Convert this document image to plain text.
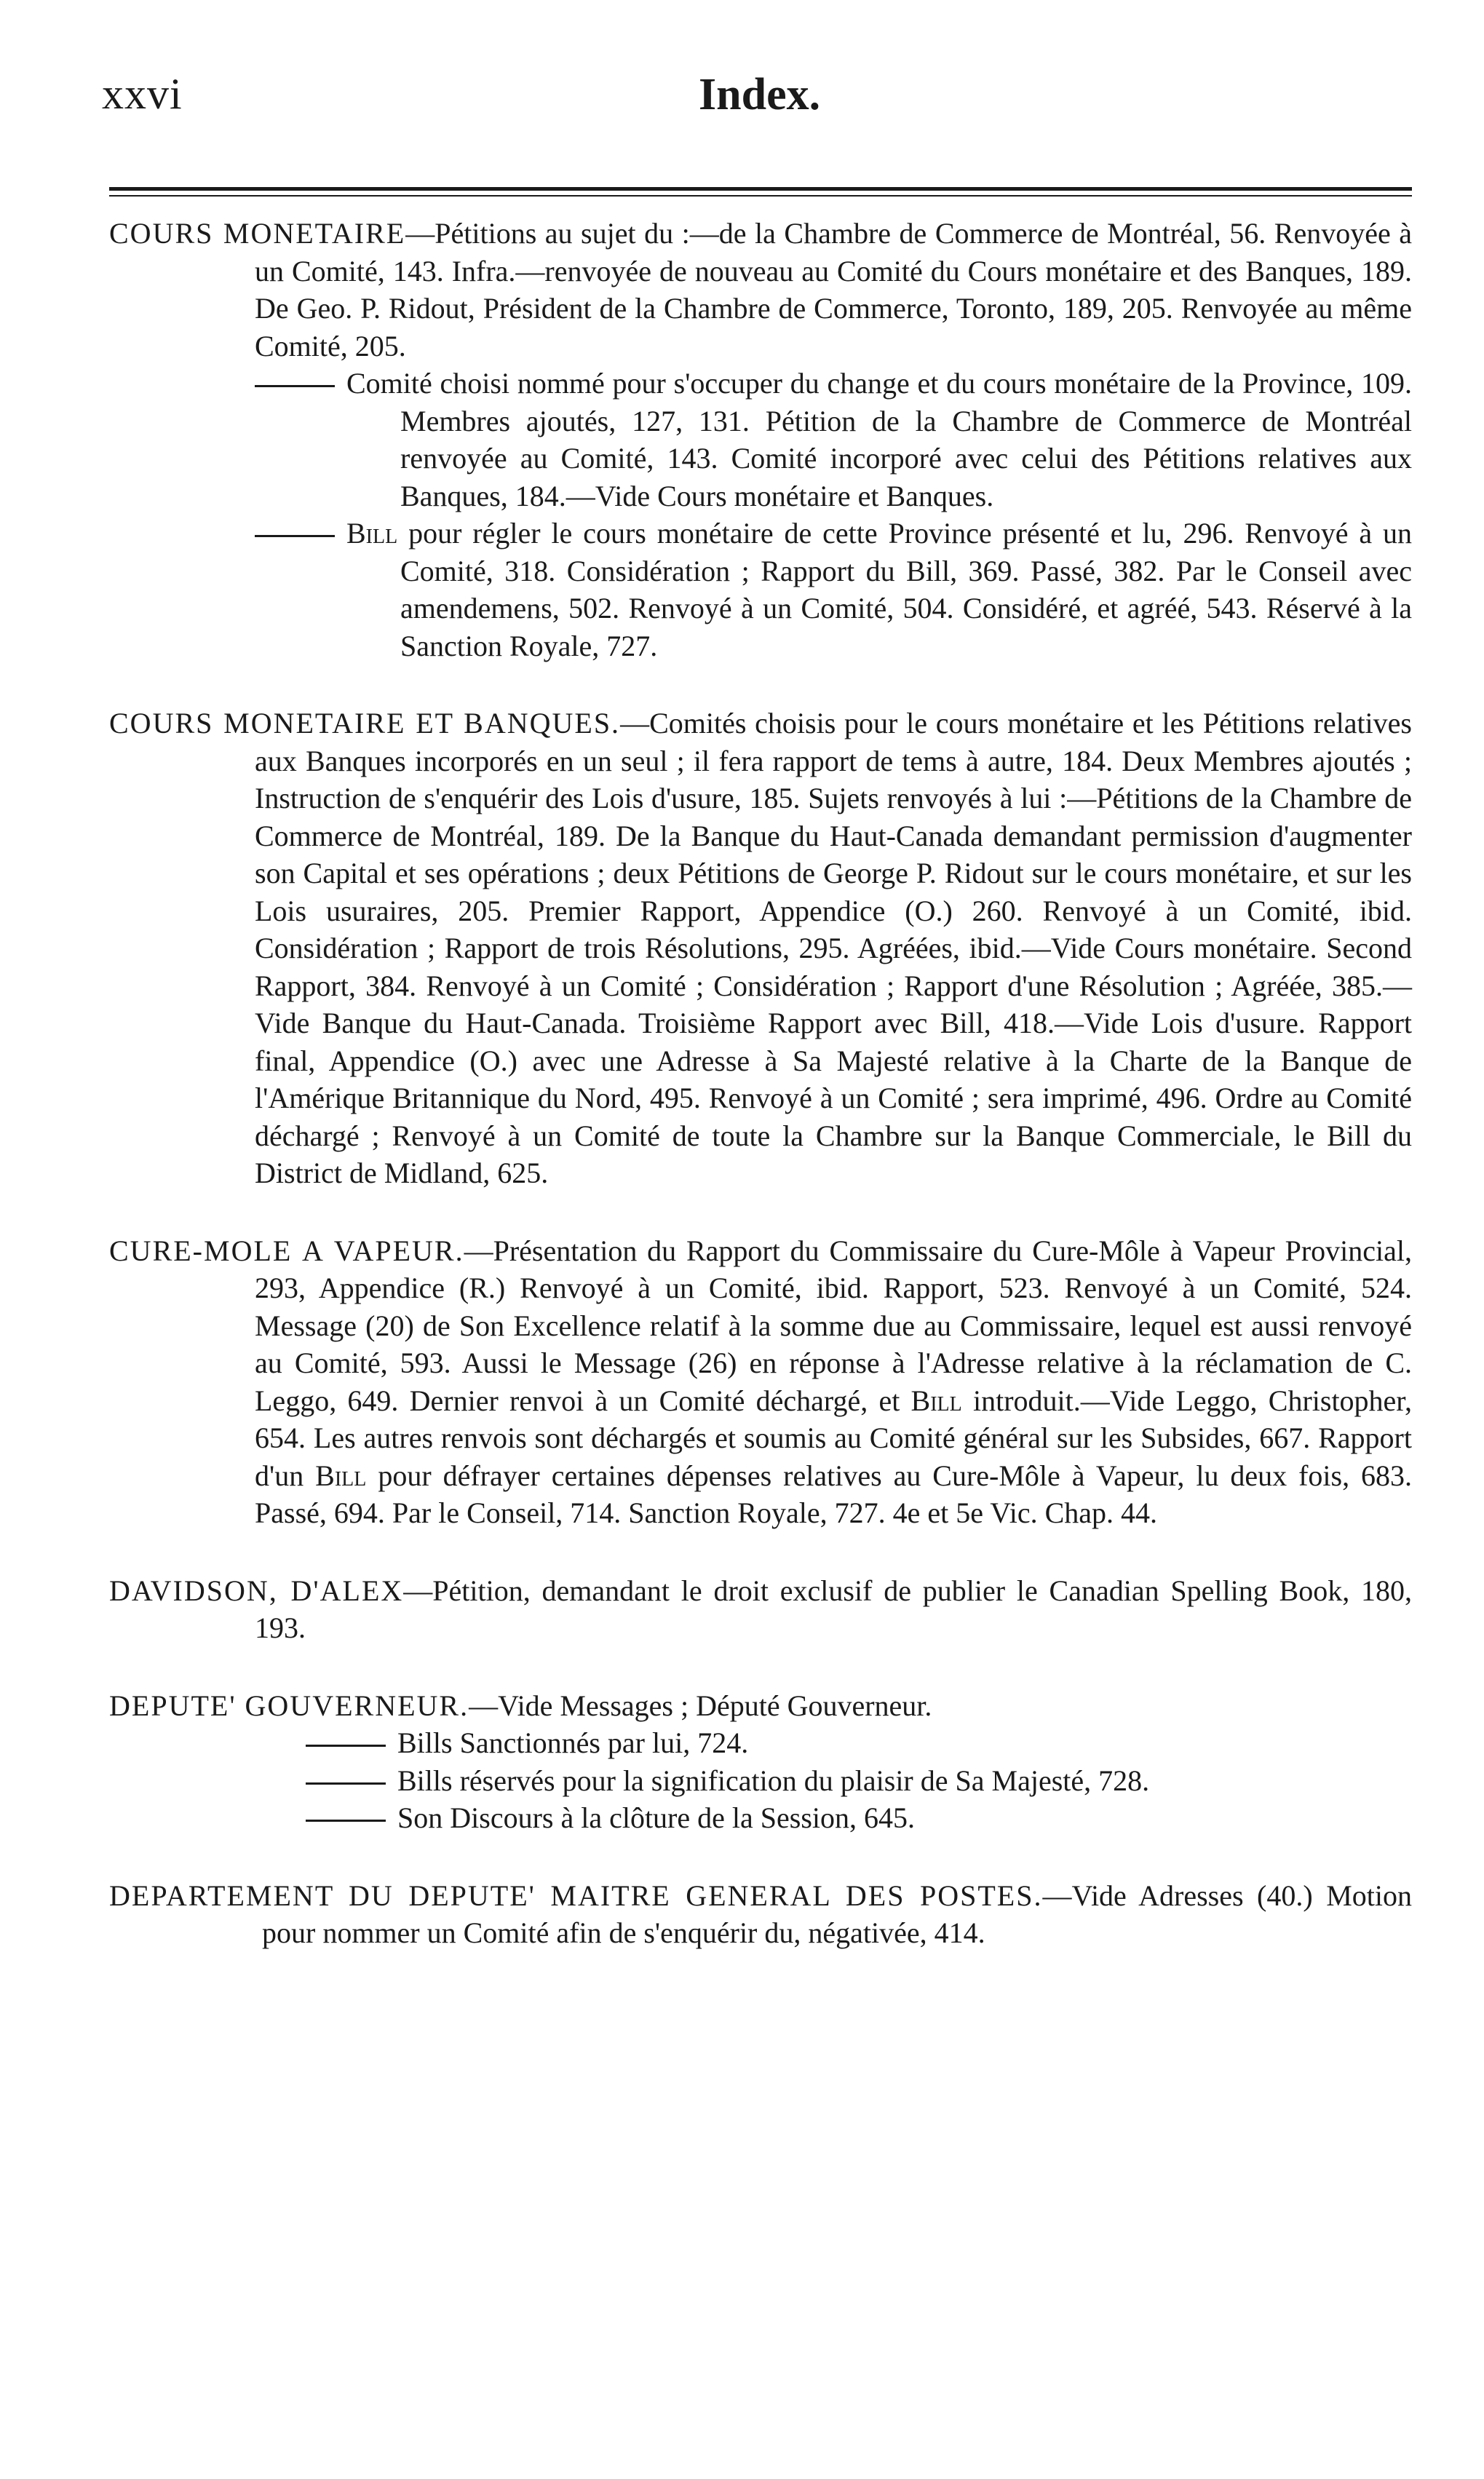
xxvi	Index.
COURS MONETAIRE—Pétitions au sujet du :—de la Chambre de Commerce de Montréal, 56. Renvoyée à un Comité, 143. Infra.—renvoyée de nouveau au Comité du Cours monétaire et des Banques, 189. De Geo. P. Ridout, Président de la Chambre de Commerce, Toronto, 189, 205. Renvoyée au même Comité, 205.
Comité choisi nommé pour s'occuper du change et du cours monétaire de la Province, 109. Membres ajoutés, 127, 131. Pétition de la Chambre de Commerce de Montréal renvoyée au Comité, 143. Comité incorporé avec celui des Pétitions relatives aux Banques, 184.—Vide Cours monétaire et Banques.
Bill pour régler le cours monétaire de cette Province présenté et lu, 296. Renvoyé à un Comité, 318. Considération ; Rapport du Bill, 369. Passé, 382. Par le Conseil avec amendemens, 502. Renvoyé à un Comité, 504. Considéré, et agréé, 543. Réservé à la Sanction Royale, 727.
COURS MONETAIRE ET BANQUES.—Comités choisis pour le cours monétaire et les Pétitions relatives aux Banques incorporés en un seul ; il fera rapport de tems à autre, 184. Deux Membres ajoutés ; Instruction de s'enquérir des Lois d'usure, 185. Sujets renvoyés à lui :—Pétitions de la Chambre de Commerce de Montréal, 189. De la Banque du Haut-Canada demandant permission d'augmenter son Capital et ses opérations ; deux Pétitions de George P. Ridout sur le cours monétaire, et sur les Lois usuraires, 205. Premier Rapport, Appendice (O.) 260. Renvoyé à un Comité, ibid. Considération ; Rapport de trois Résolutions, 295. Agréées, ibid.—Vide Cours monétaire. Second Rapport, 384. Renvoyé à un Comité ; Considération ; Rapport d'une Résolution ; Agréée, 385.—Vide Banque du Haut-Canada. Troisième Rapport avec Bill, 418.—Vide Lois d'usure. Rapport final, Appendice (O.) avec une Adresse à Sa Majesté relative à la Charte de la Banque de l'Amérique Britannique du Nord, 495. Renvoyé à un Comité ; sera imprimé, 496. Ordre au Comité déchargé ; Renvoyé à un Comité de toute la Chambre sur la Banque Commerciale, le Bill du District de Midland, 625.
CURE-MOLE A VAPEUR.—Présentation du Rapport du Commissaire du Cure-Môle à Vapeur Provincial, 293, Appendice (R.) Renvoyé à un Comité, ibid. Rapport, 523. Renvoyé à un Comité, 524. Message (20) de Son Excellence relatif à la somme due au Commissaire, lequel est aussi renvoyé au Comité, 593. Aussi le Message (26) en réponse à l'Adresse relative à la réclamation de C. Leggo, 649. Dernier renvoi à un Comité déchargé, et Bill introduit.—Vide Leggo, Christopher, 654. Les autres renvois sont déchargés et soumis au Comité général sur les Subsides, 667. Rapport d'un Bill pour défrayer certaines dépenses relatives au Cure-Môle à Vapeur, lu deux fois, 683. Passé, 694. Par le Conseil, 714. Sanction Royale, 727. 4e et 5e Vic. Chap. 44.
DAVIDSON, D'ALEX—Pétition, demandant le droit exclusif de publier le Canadian Spelling Book, 180, 193.
DEPUTE' GOUVERNEUR.—Vide Messages ; Député Gouverneur.
Bills Sanctionnés par lui, 724.
Bills réservés pour la signification du plaisir de Sa Majesté, 728.
Son Discours à la clôture de la Session, 645.
DEPARTEMENT DU DEPUTE' MAITRE GENERAL DES POSTES.—Vide Adresses (40.) Motion pour nommer un Comité afin de s'enquérir du, négativée, 414.
